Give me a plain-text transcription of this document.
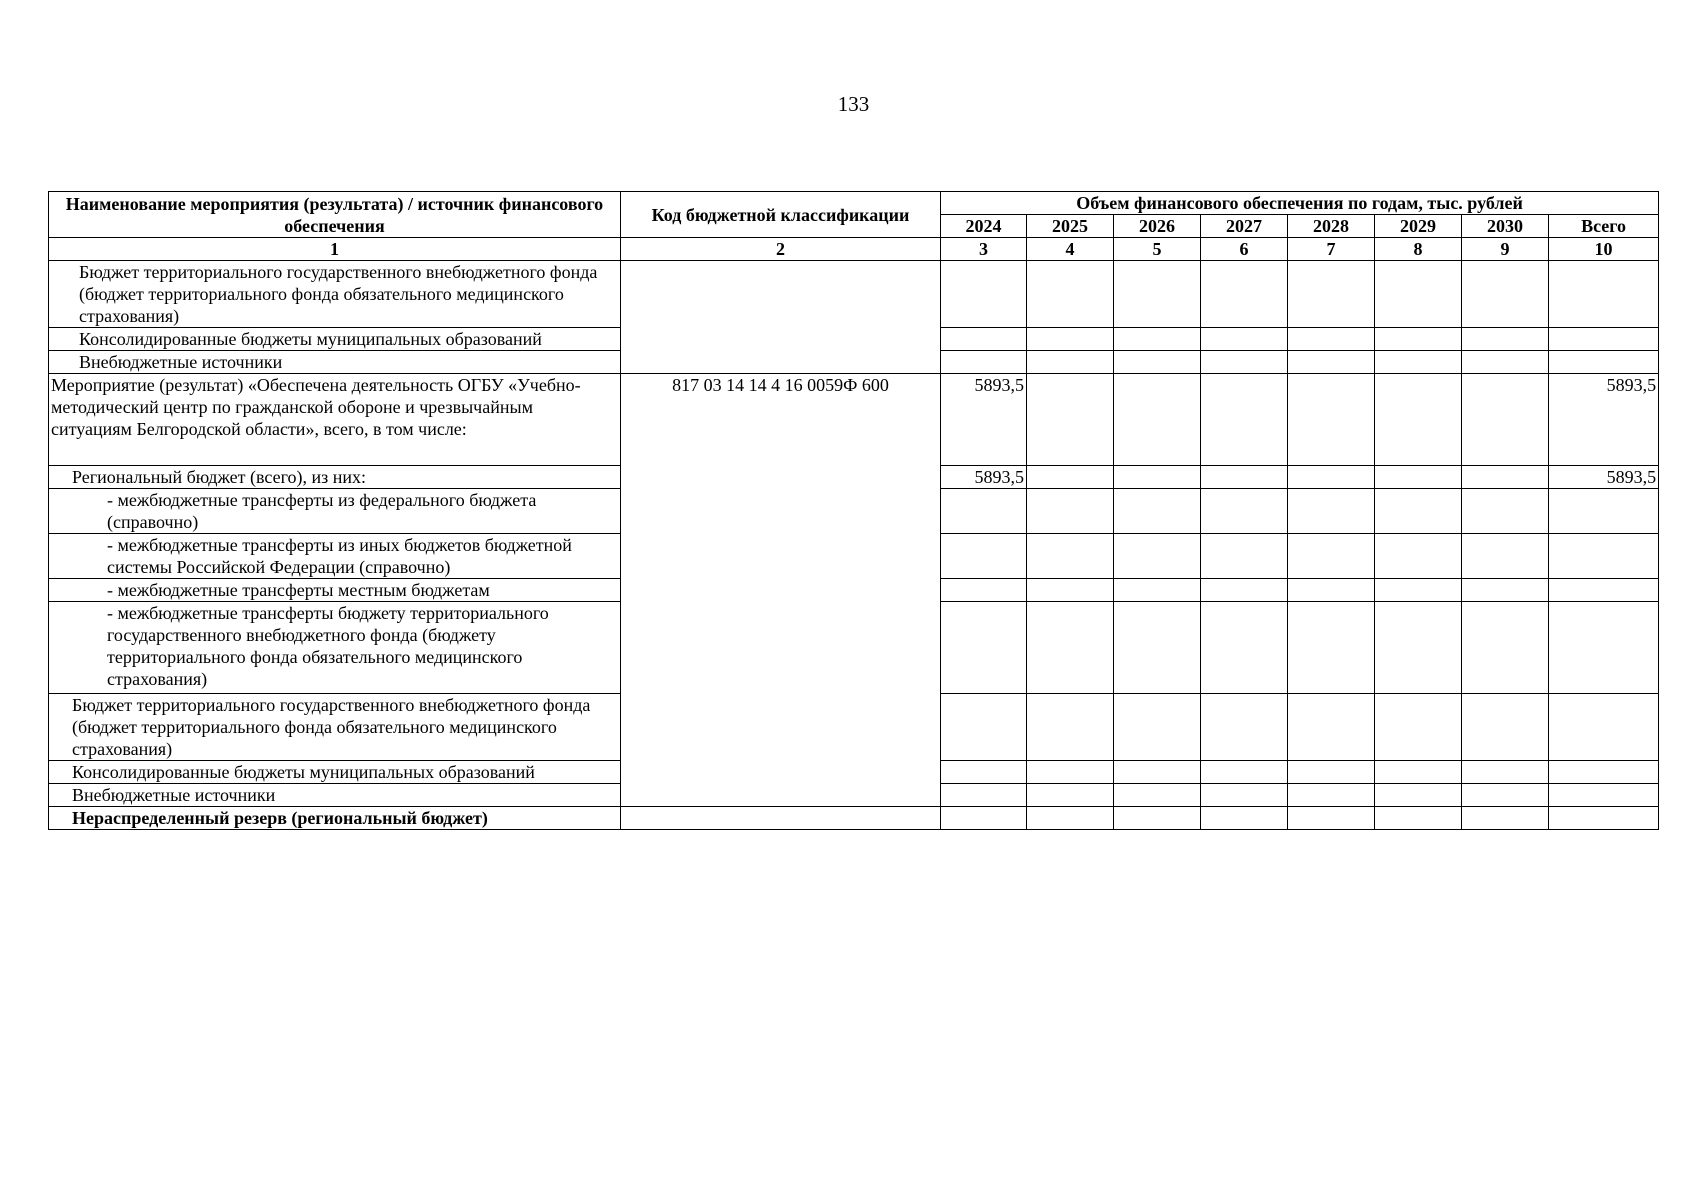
133
Наименование мероприятия (результата) / источник финансового обеспечения	Код бюджетной классификации	Объем финансового обеспечения по годам, тыс. рублей							
		2024	2025	2026	2027	2028	2029	2030	Всего
1	2	3	4	5	6	7	8	9	10
Бюджет территориального государственного внебюджетного фонда (бюджет территориального фонда обязательного медицинского страхования)									
Консолидированные бюджеты муниципальных образований									
Внебюджетные источники									
Мероприятие (результат) «Обеспечена деятельность ОГБУ «Учебно-методический центр по гражданской обороне и чрезвычайным ситуациям Белгородской области», всего, в том числе:	817 03 14 14 4 16 0059Ф 600	5893,5							5893,5
Региональный бюджет (всего), из них:		5893,5							5893,5
- межбюджетные трансферты из федерального бюджета (справочно)									
- межбюджетные трансферты из иных бюджетов бюджетной системы Российской Федерации (справочно)									
- межбюджетные трансферты местным бюджетам									
- межбюджетные трансферты бюджету территориального государственного внебюджетного фонда (бюджету территориального фонда обязательного медицинского страхования)									
Бюджет территориального государственного внебюджетного фонда (бюджет территориального фонда обязательного медицинского страхования)									
Консолидированные бюджеты муниципальных образований									
Внебюджетные источники									
Нераспределенный резерв (региональный бюджет)									
